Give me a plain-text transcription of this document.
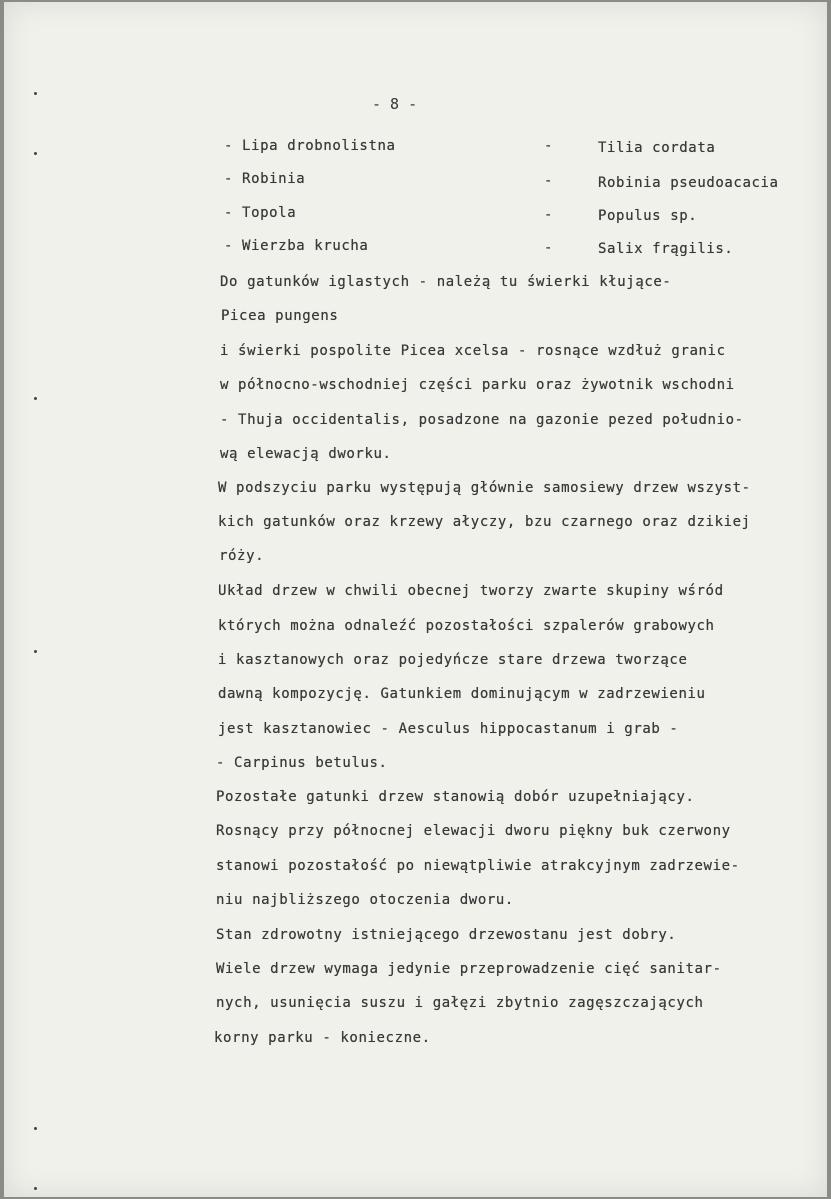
- 8 -
- Lipa drobnolistna	-	Tilia cordata
- Robinia	-	Robinia pseudoacacia
- Topola	-	Populus sp.
- Wierzba krucha	-	Salix frągilis.
Do gatunków iglastych - należą tu świerki kłujące-
Picea pungens
i świerki pospolite Picea xcelsa - rosnące wzdłuż granic
w północno-wschodniej części parku oraz żywotnik wschodni
- Thuja occidentalis, posadzone na gazonie pezed południo-
wą elewacją dworku.
W podszyciu parku występują głównie samosiewy drzew wszyst-
kich gatunków oraz krzewy ałyczy, bzu czarnego oraz dzikiej
róży.
Układ drzew w chwili obecnej tworzy zwarte skupiny wśród
których można odnaleźć pozostałości szpalerów grabowych
i kasztanowych oraz pojedyńcze stare drzewa tworzące
dawną kompozycję. Gatunkiem dominującym w zadrzewieniu
jest kasztanowiec - Aesculus hippocastanum i grab -
- Carpinus betulus.
Pozostałe gatunki drzew stanowią dobór uzupełniający.
Rosnący przy północnej elewacji dworu piękny buk czerwony
stanowi pozostałość po niewątpliwie atrakcyjnym zadrzewie-
niu najbliższego otoczenia dworu.
Stan zdrowotny istniejącego drzewostanu jest dobry.
Wiele drzew wymaga jedynie przeprowadzenie cięć sanitar-
nych, usunięcia suszu i gałęzi zbytnio zagęszczających
korny parku - konieczne.
